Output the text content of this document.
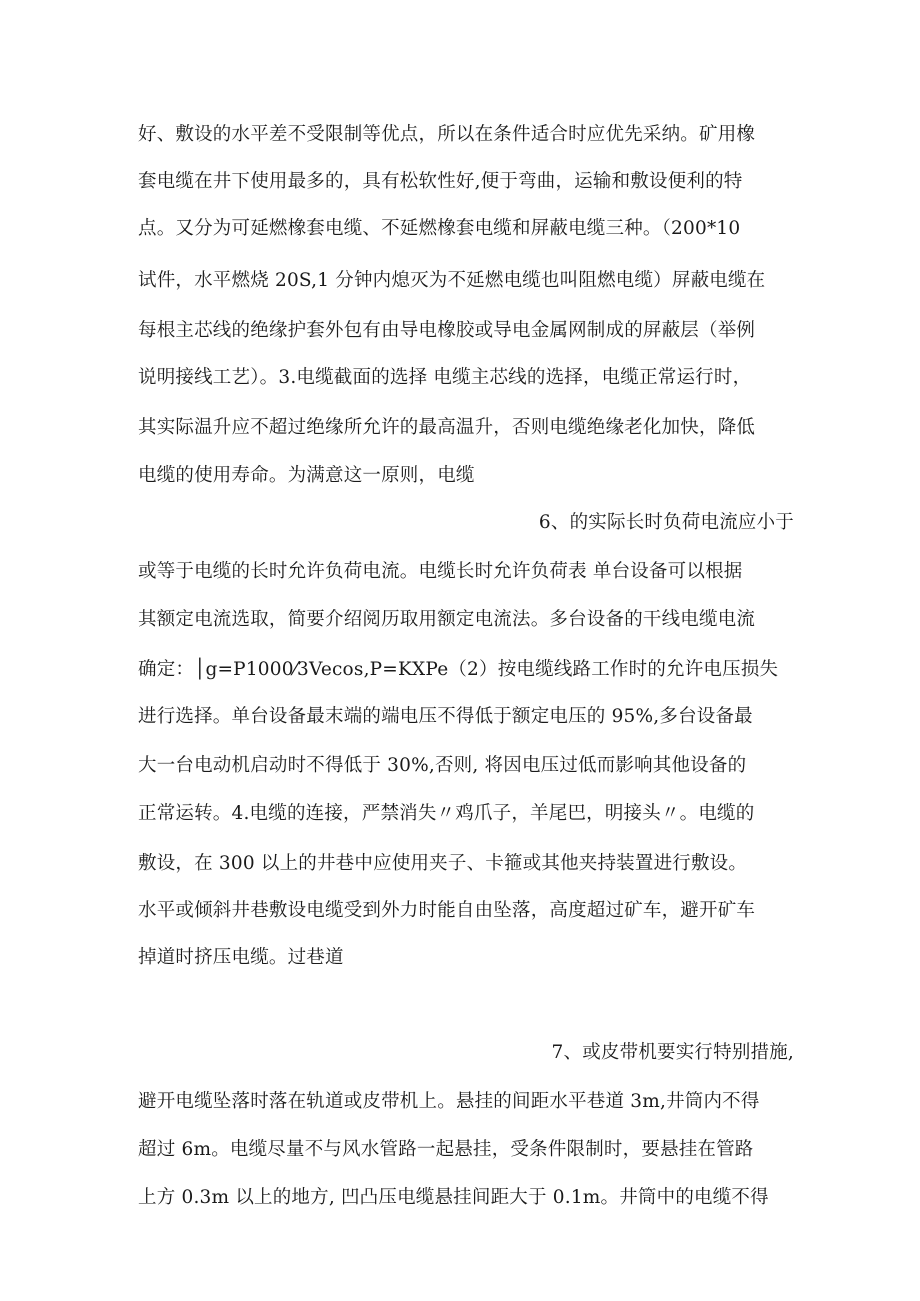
好、敷设的水平差不受限制等优点，所以在条件适合时应优先采纳。矿用橡
套电缆在井下使用最多的，具有松软性好,便于弯曲，运输和敷设便利的特
点。又分为可延燃橡套电缆、不延燃橡套电缆和屏蔽电缆三种。（200*10
试件，水平燃烧 20S,1 分钟内熄灭为不延燃电缆也叫阻燃电缆）屏蔽电缆在
每根主芯线的绝缘护套外包有由导电橡胶或导电金属网制成的屏蔽层（举例
说明接线工艺）。3.电缆截面的选择 电缆主芯线的选择，电缆正常运行时，
其实际温升应不超过绝缘所允许的最高温升，否则电缆绝缘老化加快，降低
电缆的使用寿命。为满意这一原则，电缆
6、的实际长时负荷电流应小于
或等于电缆的长时允许负荷电流。电缆长时允许负荷表 单台设备可以根据
其额定电流选取，简要介绍阅历取用额定电流法。多台设备的干线电缆电流
确定：│g=P1000⁄3Vecos,P=KXPe（2）按电缆线路工作时的允许电压损失
进行选择。单台设备最末端的端电压不得低于额定电压的 95%,多台设备最
大一台电动机启动时不得低于 30%,否则, 将因电压过低而影响其他设备的
正常运转。4.电缆的连接，严禁消失〃鸡爪子，羊尾巴，明接头〃。电缆的
敷设，在 300 以上的井巷中应使用夹子、卡箍或其他夹持装置进行敷设。
水平或倾斜井巷敷设电缆受到外力时能自由坠落，高度超过矿车，避开矿车
掉道时挤压电缆。过巷道
7、或皮带机要实行特别措施,
避开电缆坠落时落在轨道或皮带机上。悬挂的间距水平巷道 3m,井筒内不得
超过 6m。电缆尽量不与风水管路一起悬挂，受条件限制时，要悬挂在管路
上方 0.3m 以上的地方, 凹凸压电缆悬挂间距大于 0.1m。井筒中的电缆不得
